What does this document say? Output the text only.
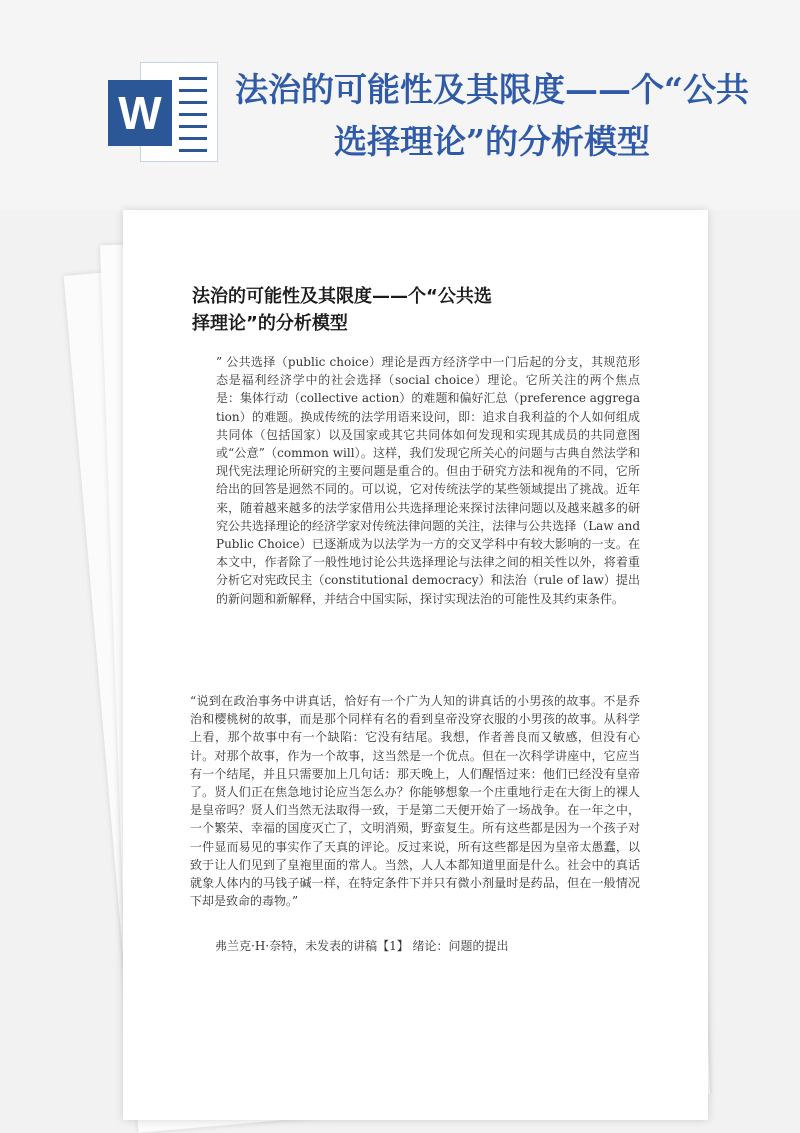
W	法治的可能性及其限度——个“公共选择理论”的分析模型
法治的可能性及其限度——个“公共选择理论”的分析模型
” 公共选择（public choice）理论是西方经济学中一门后起的分支，其规范形态是福利经济学中的社会选择（social choice）理论。它所关注的两个焦点是：集体行动（collective action）的难题和偏好汇总（preference aggregation）的难题。换成传统的法学用语来设问，即：追求自我利益的个人如何组成共同体（包括国家）以及国家或其它共同体如何发现和实现其成员的共同意图或“公意”（common will）。这样，我们发现它所关心的问题与古典自然法学和现代宪法理论所研究的主要问题是重合的。但由于研究方法和视角的不同，它所给出的回答是迥然不同的。可以说，它对传统法学的某些领域提出了挑战。近年来，随着越来越多的法学家借用公共选择理论来探讨法律问题以及越来越多的研究公共选择理论的经济学家对传统法律问题的关注，法律与公共选择（Law and Public Choice）已逐渐成为以法学为一方的交叉学科中有较大影响的一支。在本文中，作者除了一般性地讨论公共选择理论与法律之间的相关性以外，将着重分析它对宪政民主（constitutional democracy）和法治（rule of law）提出的新问题和新解释，并结合中国实际，探讨实现法治的可能性及其约束条件。
“说到在政治事务中讲真话，恰好有一个广为人知的讲真话的小男孩的故事。不是乔治和樱桃树的故事，而是那个同样有名的看到皇帝没穿衣服的小男孩的故事。从科学上看，那个故事中有一个缺陷：它没有结尾。我想，作者善良而又敏感，但没有心计。对那个故事，作为一个故事，这当然是一个优点。但在一次科学讲座中，它应当有一个结尾，并且只需要加上几句话：那天晚上，人们醒悟过来：他们已经没有皇帝了。贤人们正在焦急地讨论应当怎么办？你能够想象一个庄重地行走在大街上的裸人是皇帝吗？贤人们当然无法取得一致，于是第二天便开始了一场战争。在一年之中，一个繁荣、幸福的国度灭亡了，文明消殒，野蛮复生。所有这些都是因为一个孩子对一件显而易见的事实作了天真的评论。反过来说，所有这些都是因为皇帝太愚蠢，以致于让人们见到了皇袍里面的常人。当然，人人本都知道里面是什么。社会中的真话就象人体内的马钱子碱一样，在特定条件下并只有微小剂量时是药品，但在一般情况下却是致命的毒物。”
弗兰克·H·奈特，未发表的讲稿【1】 绪论：问题的提出
